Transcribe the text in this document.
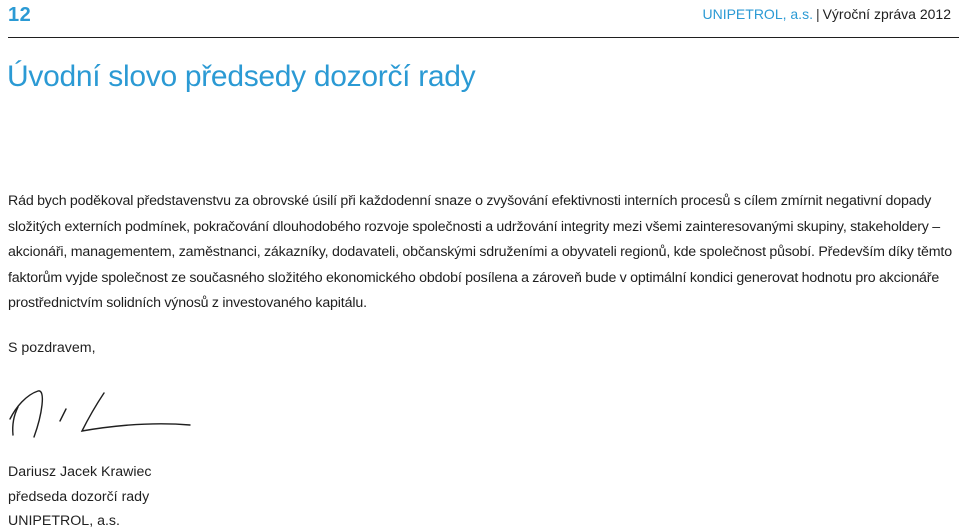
12	UNIPETROL, a.s. | Výroční zpráva 2012
Úvodní slovo předsedy dozorčí rady

Rád bych poděkoval představenstvu za obrovské úsilí při každodenní snaze o zvyšování efektivnosti interních procesů s cílem zmírnit negativní dopady složitých externích podmínek, pokračování dlouhodobého rozvoje společnosti a udržování integrity mezi všemi zainteresovanými skupiny, stakeholdery – akcionáři, managementem, zaměstnanci, zákazníky, dodavateli, občanskými sdruženími a obyvateli regionů, kde společnost působí. Především díky těmto faktorům vyjde společnost ze současného složitého ekonomického období posílena a zároveň bude v optimální kondici generovat hodnotu pro akcionáře prostřednictvím solidních výnosů z investovaného kapitálu.

S pozdravem,

Dariusz Jacek Krawiec
předseda dozorčí rady
UNIPETROL, a.s.
